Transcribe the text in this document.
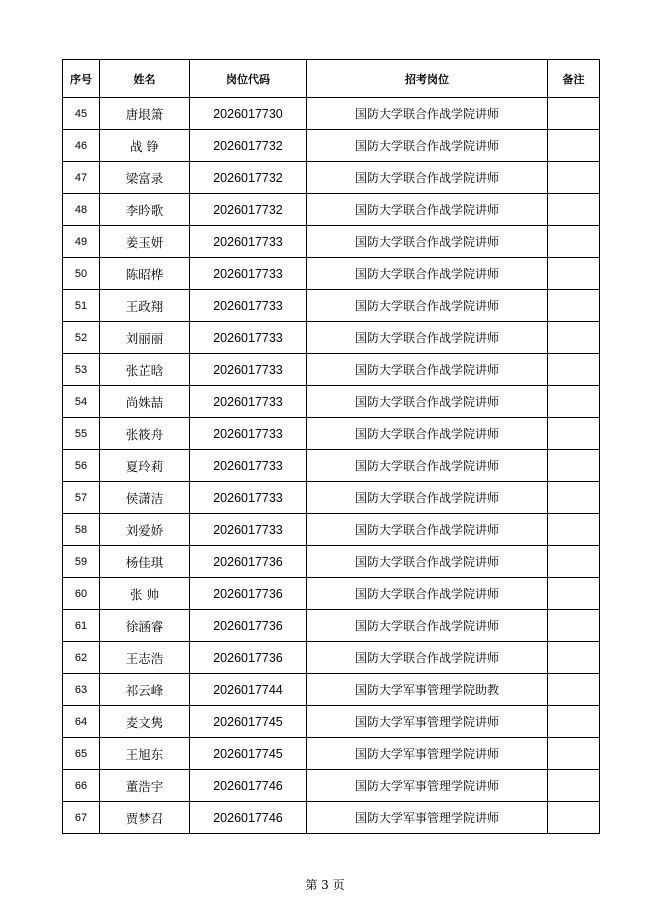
序号	姓名	岗位代码	招考岗位	备注
45	唐垠箫	2026017730	国防大学联合作战学院讲师	
46	战 铮	2026017732	国防大学联合作战学院讲师	
47	梁富录	2026017732	国防大学联合作战学院讲师	
48	李昑歌	2026017732	国防大学联合作战学院讲师	
49	姜玉妍	2026017733	国防大学联合作战学院讲师	
50	陈昭桦	2026017733	国防大学联合作战学院讲师	
51	王政翔	2026017733	国防大学联合作战学院讲师	
52	刘丽丽	2026017733	国防大学联合作战学院讲师	
53	张芷晗	2026017733	国防大学联合作战学院讲师	
54	尚姝喆	2026017733	国防大学联合作战学院讲师	
55	张筱舟	2026017733	国防大学联合作战学院讲师	
56	夏玲莉	2026017733	国防大学联合作战学院讲师	
57	侯潇洁	2026017733	国防大学联合作战学院讲师	
58	刘爱娇	2026017733	国防大学联合作战学院讲师	
59	杨佳琪	2026017736	国防大学联合作战学院讲师	
60	张 帅	2026017736	国防大学联合作战学院讲师	
61	徐涵睿	2026017736	国防大学联合作战学院讲师	
62	王志浩	2026017736	国防大学联合作战学院讲师	
63	祁云峰	2026017744	国防大学军事管理学院助教	
64	麦文隽	2026017745	国防大学军事管理学院讲师	
65	王旭东	2026017745	国防大学军事管理学院讲师	
66	董浩宇	2026017746	国防大学军事管理学院讲师	
67	贾梦召	2026017746	国防大学军事管理学院讲师	
第 3 页
